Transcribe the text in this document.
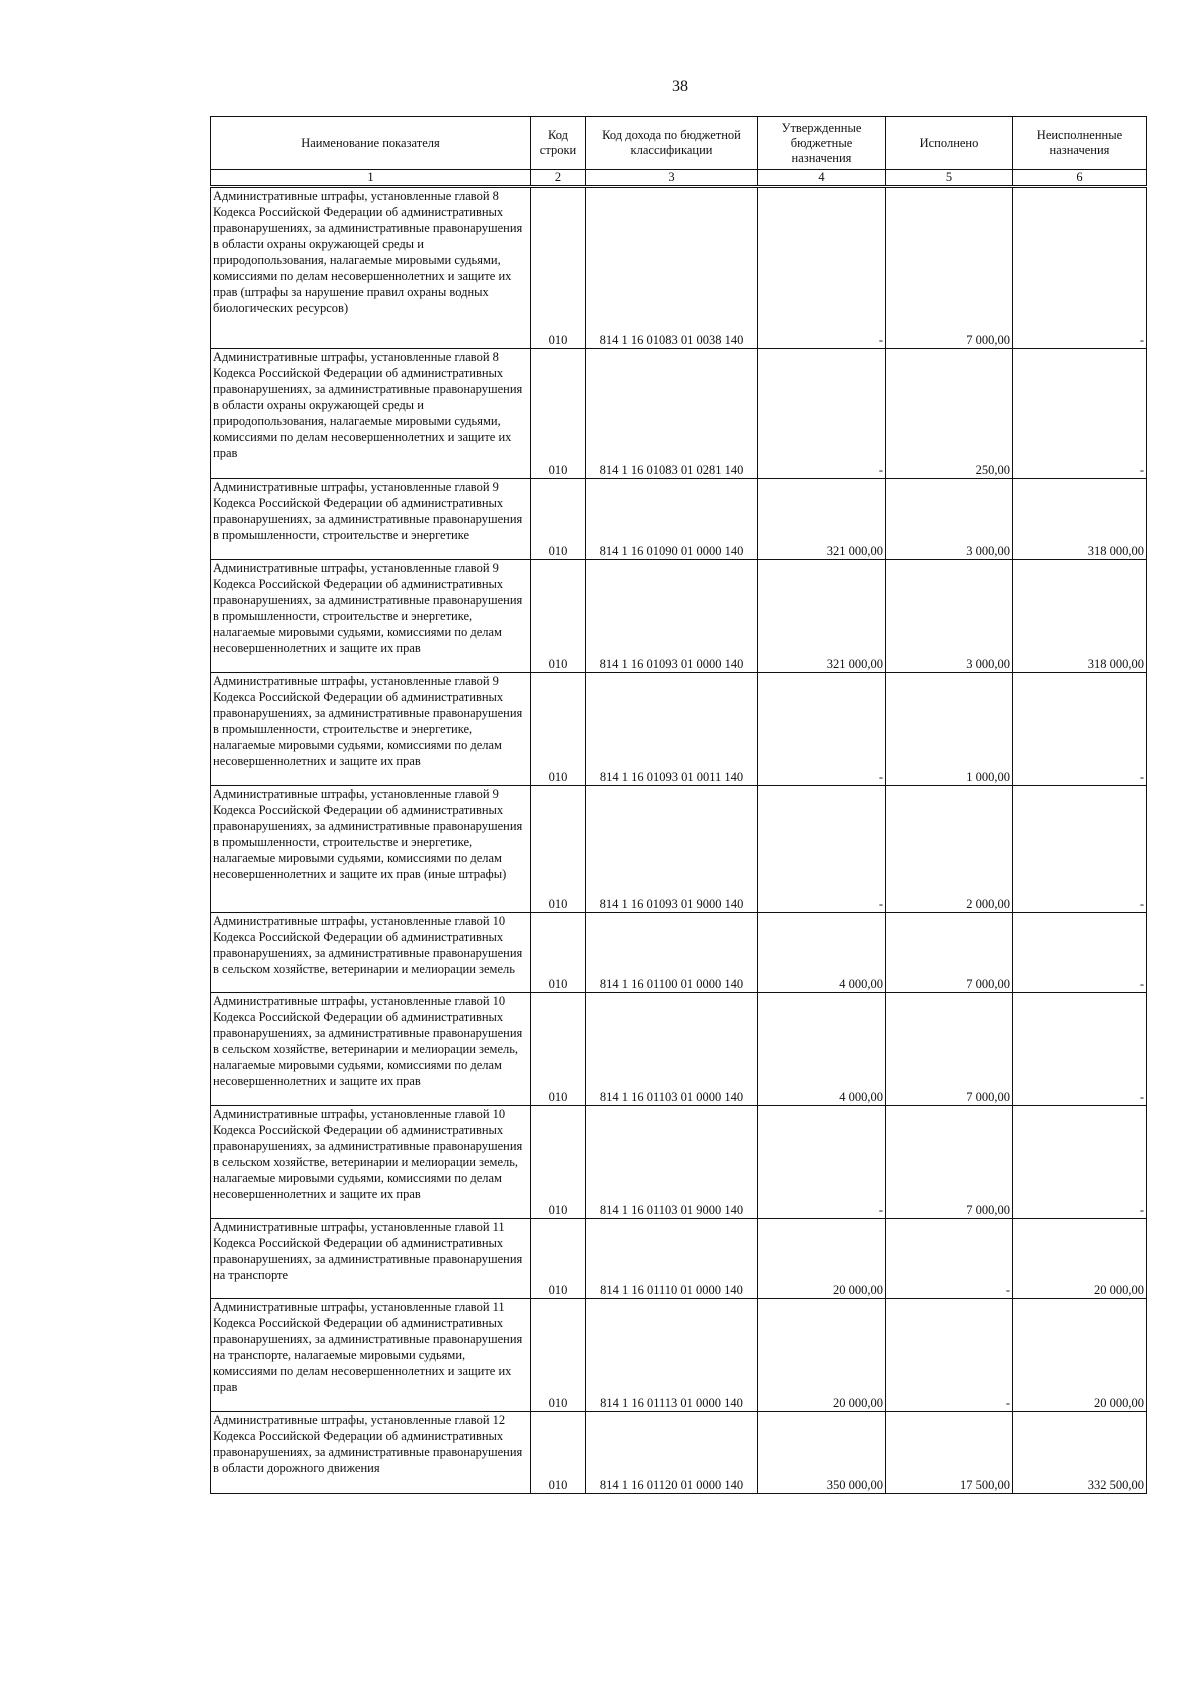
38
Наименование показателя	Код строки	Код дохода по бюджетной классификации	Утвержденные бюджетные назначения	Исполнено	Неисполненные назначения
1	2	3	4	5	6
Административные штрафы, установленные главой 8 Кодекса Российской Федерации об административных правонарушениях, за административные правонарушения в области охраны окружающей среды и природопользования, налагаемые мировыми судьями, комиссиями по делам несовершеннолетних и защите их прав (штрафы за нарушение правил охраны водных биологических ресурсов)	010	814 1 16 01083 01 0038 140	-	7 000,00	-
Административные штрафы, установленные главой 8 Кодекса Российской Федерации об административных правонарушениях, за административные правонарушения в области охраны окружающей среды и природопользования, налагаемые мировыми судьями, комиссиями по делам несовершеннолетних и защите их прав	010	814 1 16 01083 01 0281 140	-	250,00	-
Административные штрафы, установленные главой 9 Кодекса Российской Федерации об административных правонарушениях, за административные правонарушения в промышленности, строительстве и энергетике	010	814 1 16 01090 01 0000 140	321 000,00	3 000,00	318 000,00
Административные штрафы, установленные главой 9 Кодекса Российской Федерации об административных правонарушениях, за административные правонарушения в промышленности, строительстве и энергетике, налагаемые мировыми судьями, комиссиями по делам несовершеннолетних и защите их прав	010	814 1 16 01093 01 0000 140	321 000,00	3 000,00	318 000,00
Административные штрафы, установленные главой 9 Кодекса Российской Федерации об административных правонарушениях, за административные правонарушения в промышленности, строительстве и энергетике, налагаемые мировыми судьями, комиссиями по делам несовершеннолетних и защите их прав	010	814 1 16 01093 01 0011 140	-	1 000,00	-
Административные штрафы, установленные главой 9 Кодекса Российской Федерации об административных правонарушениях, за административные правонарушения в промышленности, строительстве и энергетике, налагаемые мировыми судьями, комиссиями по делам несовершеннолетних и защите их прав (иные штрафы)	010	814 1 16 01093 01 9000 140	-	2 000,00	-
Административные штрафы, установленные главой 10 Кодекса Российской Федерации об административных правонарушениях, за административные правонарушения в сельском хозяйстве, ветеринарии и мелиорации земель	010	814 1 16 01100 01 0000 140	4 000,00	7 000,00	-
Административные штрафы, установленные главой 10 Кодекса Российской Федерации об административных правонарушениях, за административные правонарушения в сельском хозяйстве, ветеринарии и мелиорации земель, налагаемые мировыми судьями, комиссиями по делам несовершеннолетних и защите их прав	010	814 1 16 01103 01 0000 140	4 000,00	7 000,00	-
Административные штрафы, установленные главой 10 Кодекса Российской Федерации об административных правонарушениях, за административные правонарушения в сельском хозяйстве, ветеринарии и мелиорации земель, налагаемые мировыми судьями, комиссиями по делам несовершеннолетних и защите их прав	010	814 1 16 01103 01 9000 140	-	7 000,00	-
Административные штрафы, установленные главой 11 Кодекса Российской Федерации об административных правонарушениях, за административные правонарушения на транспорте	010	814 1 16 01110 01 0000 140	20 000,00	-	20 000,00
Административные штрафы, установленные главой 11 Кодекса Российской Федерации об административных правонарушениях, за административные правонарушения на транспорте, налагаемые мировыми судьями, комиссиями по делам несовершеннолетних и защите их прав	010	814 1 16 01113 01 0000 140	20 000,00	-	20 000,00
Административные штрафы, установленные главой 12 Кодекса Российской Федерации об административных правонарушениях, за административные правонарушения в области дорожного движения	010	814 1 16 01120 01 0000 140	350 000,00	17 500,00	332 500,00
